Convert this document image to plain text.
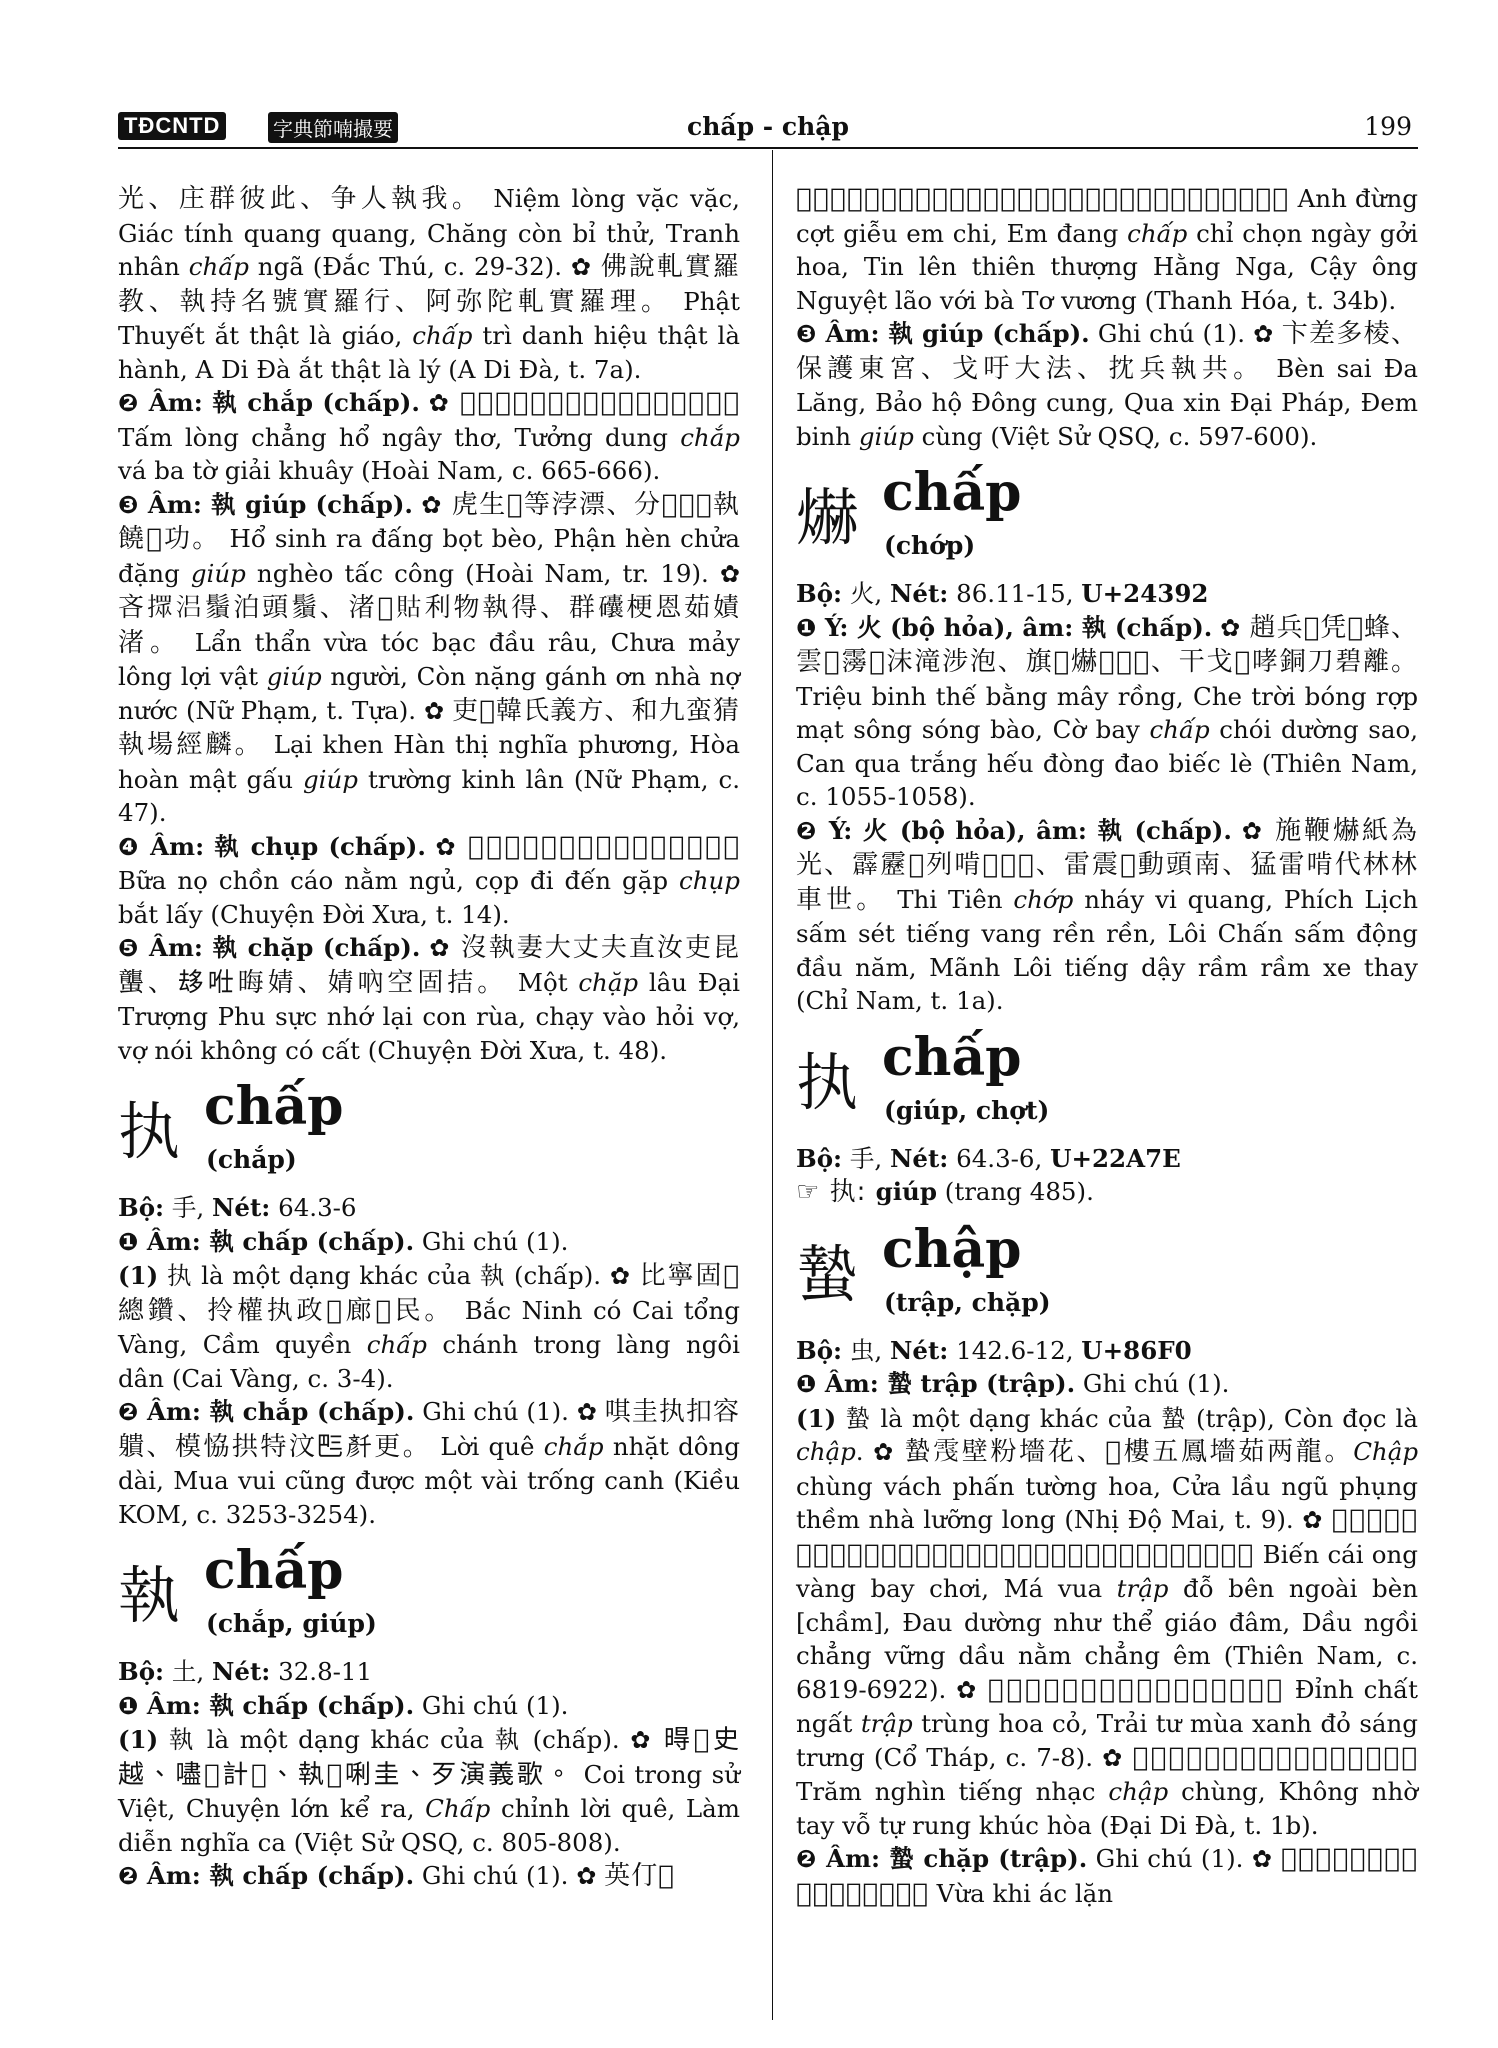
TĐCNTD	字典節喃撮要	chấp - chập	199

光、庄群彼此、争人執我。 Niệm lòng vặc vặc, Giác tính quang quang, Chăng còn bỉ thử, Tranh nhân chấp ngã (Đắc Thú, c. 29-32). ✿ 佛說軋實羅教、執持名號實羅行、阿弥陀軋實羅理。 Phật Thuyết ắt thật là giáo, chấp trì danh hiệu thật là hành, A Di Đà ắt thật là lý (A Di Đà, t. 7a).

❷ Âm: 執 chắp (chấp). ✿ 𢚸悉拯虎癡疎、想溶執裩𠤩詞解兮。 Tấm lòng chẳng hổ ngây thơ, Tưởng dung chắp vá ba tờ giải khuây (Hoài Nam, c. 665-666).

❸ Âm: 執 giúp (chấp). ✿ 虎生𪿙等浡漂、分𢢆𡗶𠬠執饒𦥃功。 Hổ sinh ra đấng bọt bèo, Phận hèn chửa đặng giúp nghèo tấc công (Hoài Nam, tr. 19). ✿ 吝𢶢𣳮鬚泊頭鬚、渚𨁪𧵑利物執得、群𥗾梗恩茹嫧渚。 Lẩn thẩn vừa tóc bạc đầu râu, Chưa mảy lông lợi vật giúp người, Còn nặng gánh ơn nhà nợ nước (Nữ Phạm, t. Tựa). ✿ 吏𠸒韓氏義方、和九蛮猜執場經麟。 Lại khen Hàn thị nghĩa phương, Hòa hoàn mật gấu giúp trường kinh lân (Nữ Phạm, c. 47).

❹ Âm: 執 chụp (chấp). ✿ 𩛂奴狁猎𦝄昨、貑𤞽典及執抔𢭂。 Bữa nọ chồn cáo nằm ngủ, cọp đi đến gặp chụp bắt lấy (Chuyện Đời Xưa, t. 14).

❺ Âm: 執 chặp (chấp). ✿ 沒執妻大丈夫直汝吏昆蠪、𠫾𠱊晦婧、婧吶空固拮。 Một chặp lâu Đại Trượng Phu sực nhớ lại con rùa, chạy vào hỏi vợ, vợ nói không có cất (Chuyện Đời Xưa, t. 48).

执 chấp
(chắp)

Bộ: 手, Nét: 64.3-6

❶ Âm: 執 chấp (chấp). Ghi chú (1).

(1) 执 là một dạng khác của 執 (chấp). ✿ 比寧固𠊚總鑽、拎權执政𠁀廊𡓇民。 Bắc Ninh có Cai tổng Vàng, Cầm quyền chấp chánh trong làng ngôi dân (Cai Vàng, c. 3-4).

❷ Âm: 執 chắp (chấp). Ghi chú (1). ✿ 唭圭执扣容䠿、模恊拱特汶𠀧𠦳更。 Lời quê chắp nhặt dông dài, Mua vui cũng được một vài trống canh (Kiều KOM, c. 3253-3254).

執 chấp
(chắp, giúp)

Bộ: 土, Nét: 32.8-11

❶ Âm: 執 chấp (chấp). Ghi chú (1).

(1) 執 là một dạng khác của 執 (chấp). ✿ 𣈜𠁀史越、嚍𢗖計𪤄、執𩈘唎圭、歹演義歌。 Coi trong sử Việt, Chuyện lớn kể ra, Chấp chỉnh lời quê, Làm diễn nghĩa ca (Việt Sử QSQ, c. 805-808).

❷ Âm: 執 chấp (chấp). Ghi chú (1). ✿ 英仃𡀯

𠻵婏之、婏當執織掄時𢷀花、信𨖅天上姮娥、𢬣翁月老買娶絲王。 Anh đừng cợt giễu em chi, Em đang chấp chỉ chọn ngày gởi hoa, Tin lên thiên thượng Hằng Nga, Cậy ông Nguyệt lão với bà Tơ vương (Thanh Hóa, t. 34b).

❸ Âm: 執 giúp (chấp). Ghi chú (1). ✿ 卞差多棱、保護東宮、戈吁大法、抌兵執共。 Bèn sai Đa Lăng, Bảo hộ Đông cung, Qua xin Đại Pháp, Đem binh giúp cùng (Việt Sử QSQ, c. 597-600).

爀 chấp
(chớp)

Bộ: 火, Nét: 86.11-15, U+24392

❶ Ý: 火 (bộ hỏa), âm: 執 (chấp). ✿ 趙兵𠫅凭𨗜蜂、雲𡗶霶𩅹沫滝涉泡、旗𦑃爀𤈜𤏫𤋶、干戈𡗶哮銅刀碧離。 Triệu binh thế bằng mây rồng, Che trời bóng rợp mạt sông sóng bào, Cờ bay chấp chói dường sao, Can qua trắng hếu đòng đao biếc lè (Thiên Nam, c. 1055-1058).

❷ Ý: 火 (bộ hỏa), âm: 執 (chấp). ✿ 施鞭爀紙為光、霹靂𩃳列啃𪗶𢯕𢯕、雷震𩃳動頭南、猛雷啃代林林車世。 Thi Tiên chớp nháy vi quang, Phích Lịch sấm sét tiếng vang rền rền, Lôi Chấn sấm động đầu năm, Mãnh Lôi tiếng dậy rầm rầm xe thay (Chỉ Nam, t. 1a).

执 chấp
(giúp, chợt)

Bộ: 手, Nét: 64.3-6, U+22A7E

☞ 执: giúp (trang 485).

蟄 chập
(trập, chặp)

Bộ: 虫, Nét: 142.6-12, U+86F0

❶ Âm: 蟄 trập (trập). Ghi chú (1).

(1) 蟄 là một dạng khác của 蟄 (trập), Còn đọc là chập. ✿ 蟄𩂟壁粉墻花、𠓨樓五鳳墻茹两龍。Chập chùng vách phấn tường hoa, Cửa lầu ngũ phụng thềm nhà lưỡng long (Nhị Độ Mai, t. 9). ✿ 𡢐丐螉鑽𩙻制、𦝄希蟄杜边外卞𡉦、疠𠇍如𠇕槊𠛦、油𠁀拯凭油𦝄庄奄。 Biến cái ong vàng bay chơi, Má vua trập đỗ bên ngoài bèn [chầm], Đau dường như thể giáo đâm, Dầu ngồi chẳng vững dầu nằm chẳng êm (Thiên Nam, c. 6819-6922). ✿ 𡾵質屹蟄重花𦹵、𠠩𦝄務樸𦹵創徵。 Đỉnh chất ngất trập trùng hoa cỏ, Trải tư mùa xanh đỏ sáng trưng (Cổ Tháp, c. 7-8). ✿ 𥪝𢬣啃樂蟄重、空拁𢬭拭自容曲和。 Trăm nghìn tiếng nhạc chập chùng, Không nhờ tay vỗ tự rung khúc hòa (Đại Di Đà, t. 1b).

❷ Âm: 蟄 chặp (trập). Ghi chú (1). ✿ 𠓀欺鵶洛𡧲西、鐘楼蟄𠿚啃時𣈖寬。 Vừa khi ác lặn
